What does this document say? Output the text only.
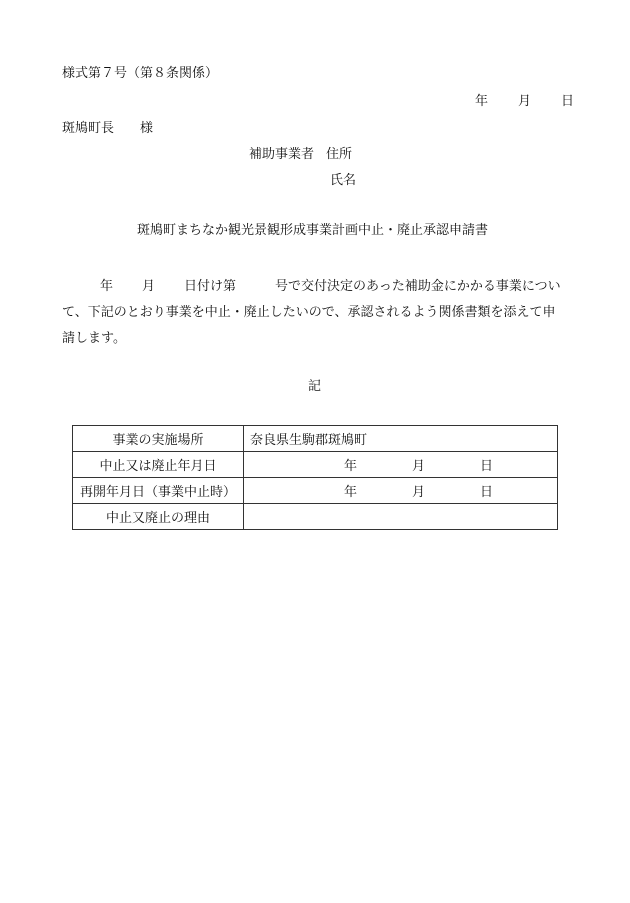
様式第７号（第８条関係）
年 月 日
斑鳩町長 様
補助事業者 住所
氏名
斑鳩町まちなか観光景観形成事業計画中止・廃止承認申請書
年 月 日付け第	号で交付決定のあった補助金にかかる事業につい
て、下記のとおり事業を中止・廃止したいので、承認されるよう関係書類を添えて申
請します。
記
事業の実施場所	奈良県生駒郡斑鳩町
中止又は廃止年月日	年 月 日

再開年月日（事業中止時）	年 月 日

中止又廃止の理由	
